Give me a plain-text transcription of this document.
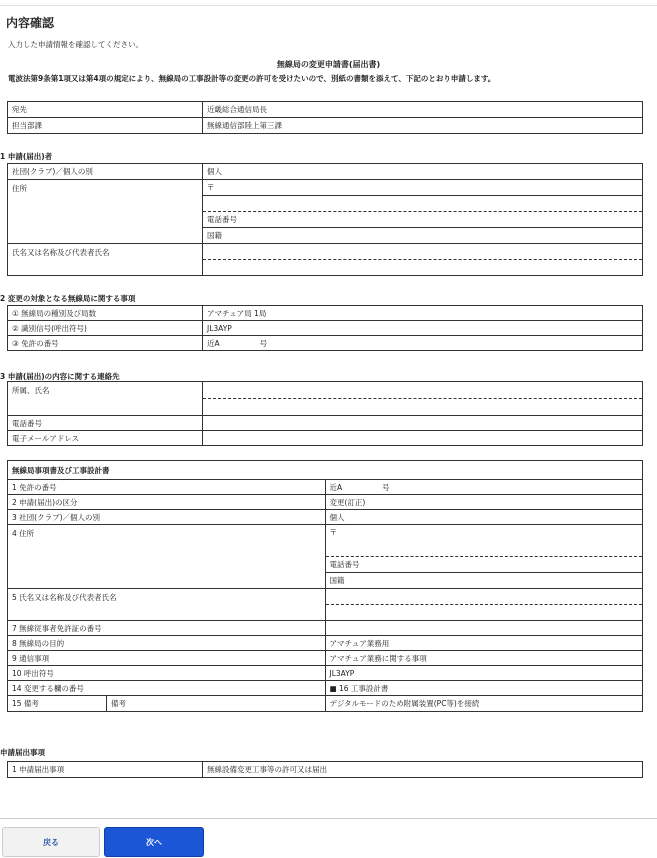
内容確認
入力した申請情報を確認してください。
無線局の変更申請書(届出書)
電波法第9条第1項又は第4項の規定により、無線局の工事設計等の変更の許可を受けたいので、別紙の書類を添えて、下記のとおり申請します。
宛先	近畿総合通信局長
担当部課	無線通信部陸上第三課
1 申請(届出)者
社団(クラブ)／個人の別	個人
住所	〒
電話番号
国籍

氏名又は名称及び代表者氏名	
2 変更の対象となる無線局に関する事項
① 無線局の種別及び局数	アマチュア局 1局
② 識別信号(呼出符号)	JL3AYP
③ 免許の番号	近A 号
3 申請(届出)の内容に関する連絡先
所属、氏名	

電話番号	
電子メールアドレス	
無線局事項書及び工事設計書	
1 免許の番号	近A 号
2 申請(届出)の区分	変更(訂正)
3 社団(クラブ)／個人の別	個人
4 住所	〒
電話番号
国籍

5 氏名又は名称及び代表者氏名	

7 無線従事者免許証の番号	
8 無線局の目的	アマチュア業務用
9 通信事項	アマチュア業務に関する事項
10 呼出符号	JL3AYP
14 変更する欄の番号	■ 16 工事設計書

15 備考 備考	デジタルモードのため附属装置(PC等)を接続
申請届出事項
1 申請届出事項	無線設備変更工事等の許可又は届出
戻る	次へ
